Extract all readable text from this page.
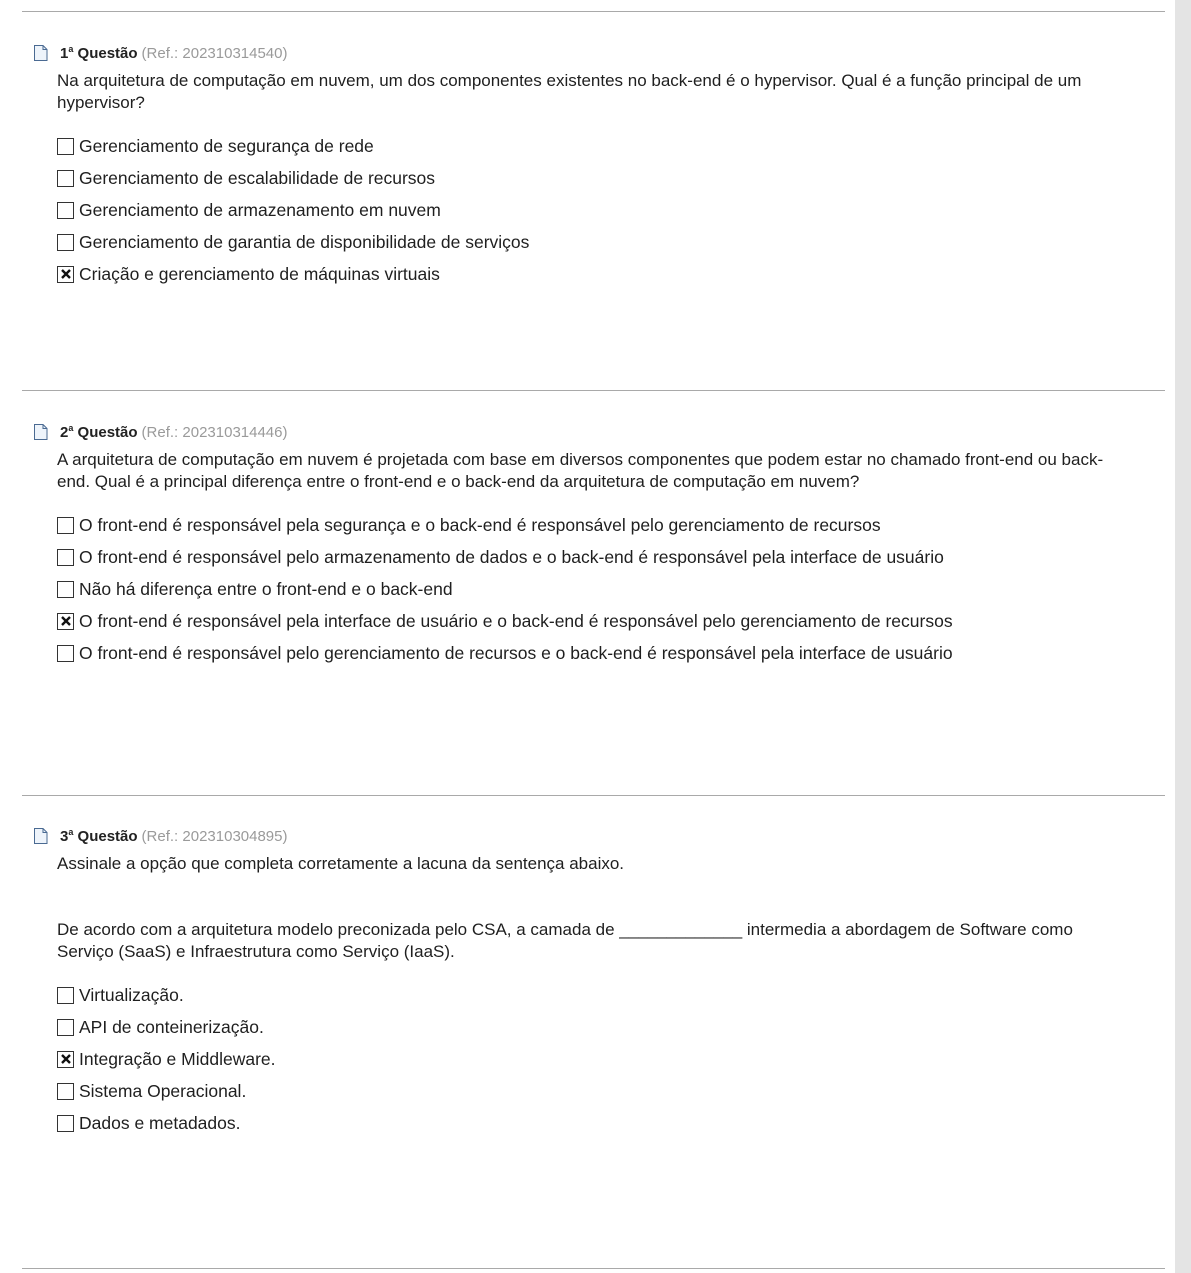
1$^a$ Questão (Ref.: 202310314540)

Na arquitetura de computação em nuvem, um dos componentes existentes no back-end é o hypervisor. Qual é a função principal de um hypervisor?

Gerenciamento de segurança de rede
Gerenciamento de escalabilidade de recursos
Gerenciamento de armazenamento em nuvem
Gerenciamento de garantia de disponibilidade de serviços
Criação e gerenciamento de máquinas virtuais
2$^a$ Questão (Ref.: 202310314446)

A arquitetura de computação em nuvem é projetada com base em diversos componentes que podem estar no chamado front-end ou back-end. Qual é a principal diferença entre o front-end e o back-end da arquitetura de computação em nuvem?

O front-end é responsável pela segurança e o back-end é responsável pelo gerenciamento de recursos
O front-end é responsável pelo armazenamento de dados e o back-end é responsável pela interface de usuário
Não há diferença entre o front-end e o back-end
O front-end é responsável pela interface de usuário e o back-end é responsável pelo gerenciamento de recursos
O front-end é responsável pelo gerenciamento de recursos e o back-end é responsável pela interface de usuário
3$^a$ Questão (Ref.: 202310304895)

Assinale a opção que completa corretamente a lacuna da sentença abaixo.

De acordo com a arquitetura modelo preconizada pelo CSA, a camada de _____________ intermedia a abordagem de Software como Serviço (SaaS) e Infraestrutura como Serviço (IaaS).

Virtualização.
API de conteinerização.
Integração e Middleware.
Sistema Operacional.
Dados e metadados.
